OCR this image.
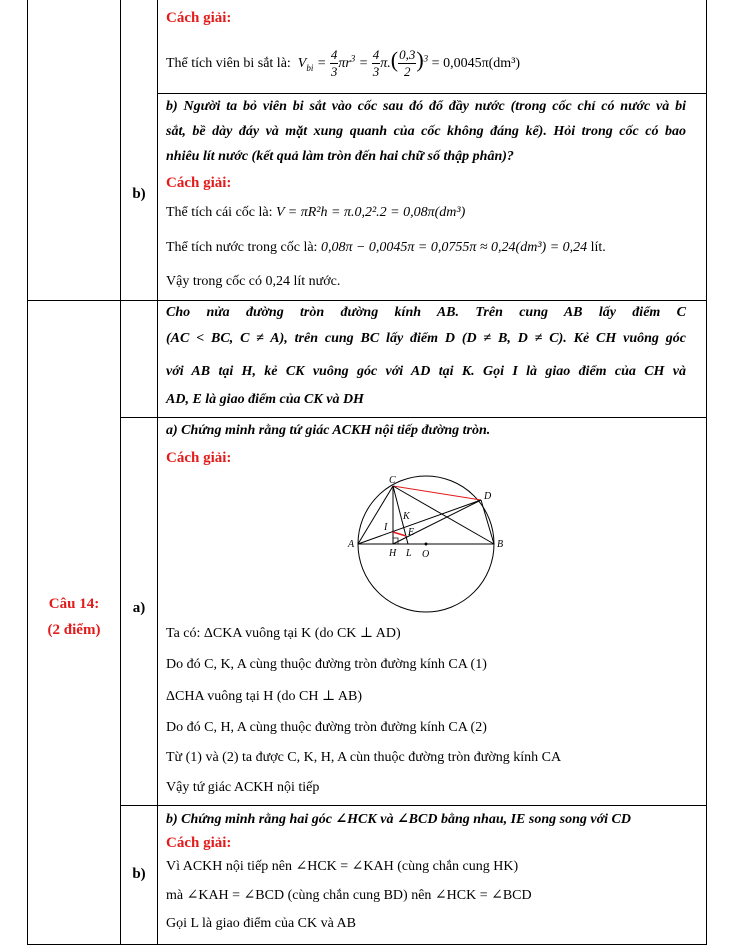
Cách giải:
Thể tích viên bi sắt là:  $V_{bi} = \frac{4}{3} \pi r^3 = \frac{4}{3} \pi.( \frac{0,3}{2} )^3 = 0,0045\pi(dm^3)$
b)
b) Người ta bỏ viên bi sắt vào cốc sau đó đổ đầy nước (trong cốc chỉ có nước và bi
sắt, bề dày đáy và mặt xung quanh của cốc không đáng kể). Hỏi trong cốc có bao
nhiêu lít nước (kết quả làm tròn đến hai chữ số thập phân)?
Cách giải:
Thể tích cái cốc là: V = πR²h = π.0,2².2 = 0,08π(dm³)
Thể tích nước trong cốc là: 0,08π − 0,0045π = 0,0755π ≈ 0,24(dm³) = 0,24 lít.
Vậy trong cốc có 0,24 lít nước.
Câu 14:
(2 điểm)
Cho nửa đường tròn đường kính AB. Trên cung AB lấy điểm C
(AC < BC, C ≠ A), trên cung BC lấy điểm D (D ≠ B, D ≠ C). Kẻ CH vuông góc
với AB tại H, kẻ CK vuông góc với AD tại K. Gọi I là giao điểm của CH và
AD, E là giao điểm của CK và DH
a)
a) Chứng minh rằng tứ giác ACKH nội tiếp đường tròn.
Cách giải:
C
D
K
I E
A
H L O
B
Ta có: ΔCKA vuông tại K (do CK ⊥ AD)
Do đó C, K, A cùng thuộc đường tròn đường kính CA (1)
ΔCHA vuông tại H (do CH ⊥ AB)
Do đó C, H, A cùng thuộc đường tròn đường kính CA (2)
Từ (1) và (2) ta được C, K, H, A cùn thuộc đường tròn đường kính CA
Vậy tứ giác ACKH nội tiếp
b)
b) Chứng minh rằng hai góc ∠HCK và ∠BCD bằng nhau, IE song song với CD
Cách giải:
Vì ACKH nội tiếp nên ∠HCK = ∠KAH (cùng chắn cung HK)
mà ∠KAH = ∠BCD (cùng chắn cung BD) nên ∠HCK = ∠BCD
Gọi L là giao điểm của CK và AB
